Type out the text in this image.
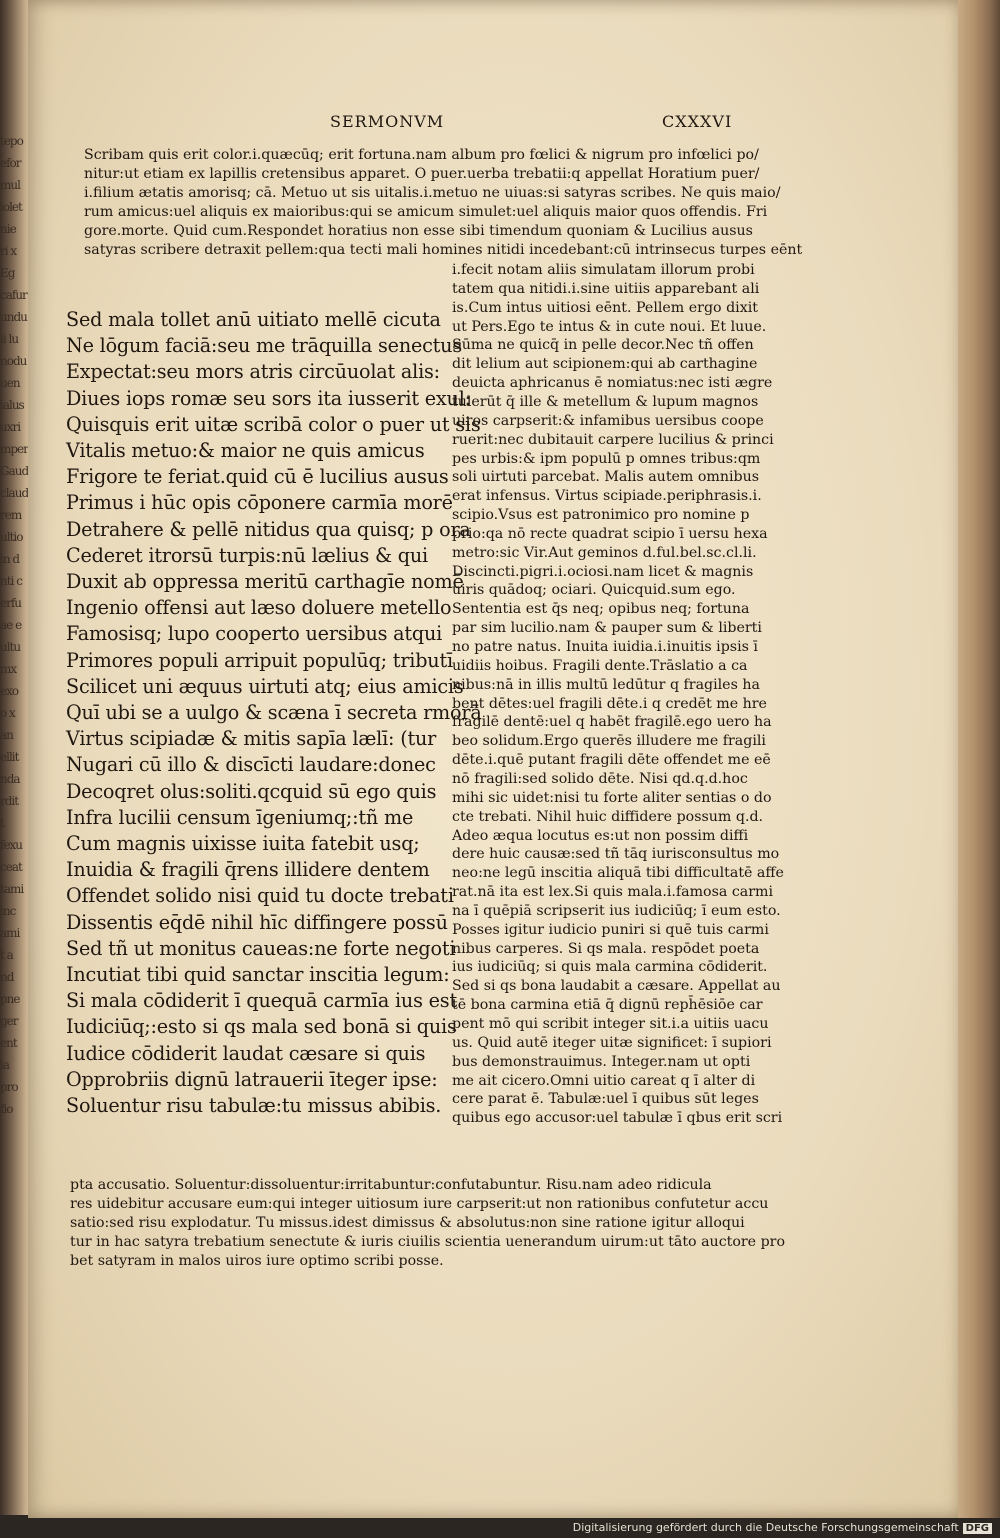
tepo
efor
mul
iolet
nie
ri x
Eg
cafur
undu
ii lu
nodu
uen
ialus
uxri
mper
Gaud
claud
rem
ultio
in d
nti c
erfu
ae e
ultu
mx
exo
o x
an
ellit
nda
rdit
t
fexu
ceat
tami
inc
ami
t a
nd
pne
ger
ent
la
pro
fio
SERMONVM	CXXXVI
Scribam quis erit color.i.quæcūq; erit fortuna.nam album pro fœlici & nigrum pro infœlici po/
nitur:ut etiam ex lapillis cretensibus apparet. O puer.uerba trebatii:q appellat Horatium puer/
i.filium ætatis amorisq; cā. Metuo ut sis uitalis.i.metuo ne uiuas:si satyras scribes. Ne quis maio/
rum amicus:uel aliquis ex maioribus:qui se amicum simulet:uel aliquis maior quos offendis. Fri
gore.morte. Quid cum.Respondet horatius non esse sibi timendum quoniam & Lucilius ausus
satyras scribere detraxit pellem:qua tecti mali homines nitidi incedebant:cū intrinsecus turpes eēnt
Sed mala tollet anū uitiato mellē cicuta
Ne lōgum faciā:seu me trāquilla senectus
Expectat:seu mors atris circūuolat alis:
Diues iops romæ seu sors ita iusserit exul:
Quisquis erit uitæ scribā color o puer ut sis
Vitalis metuo:& maior ne quis amicus
Frigore te feriat.quid cū ē lucilius ausus
Primus i hūc opis cōponere carmīa morē
Detrahere & pellē nitidus qua quisq; p ora
Cederet itrorsū turpis:nū lælius & qui
Duxit ab oppressa meritū carthagīe nomē
Ingenio offensi aut læso doluere metello
Famosisq; lupo cooperto uersibus atqui
Primores populi arripuit populūq; tributī
Scilicet uni æquus uirtuti atq; eius amicis
Quī ubi se a uulgo & scæna ī secreta rmorā
Virtus scipiadæ & mitis sapīa lælī: (tur
Nugari cū illo & discīcti laudare:donec
Decoqret olus:soliti.qcquid sū ego quis
Infra lucilii censum īgeniumq;:tñ me
Cum magnis uixisse iuita fatebit usq;
Inuidia & fragili q̄rens illidere dentem
Offendet solido nisi quid tu docte trebati
Dissentis eq̄dē nihil hīc diffingere possū
Sed tñ ut monitus caueas:ne forte negoti
Incutiat tibi quid sanctar inscitia legum:
Si mala cōdiderit ī quequā carmīa ius est
Iudiciūq;:esto si qs mala sed bonā si quis
Iudice cōdiderit laudat cæsare si quis
Opprobriis dignū latrauerii īteger ipse:
Soluentur risu tabulæ:tu missus abibis.
i.fecit notam aliis simulatam illorum probi
tatem qua nitidi.i.sine uitiis apparebant ali
is.Cum intus uitiosi eēnt. Pellem ergo dixit
ut Pers.Ego te intus & in cute noui. Et luue.
Sūma ne quicq̄ in pelle decor.Nec tñ offen
dit lelium aut scipionem:qui ab carthagine
deuicta aphricanus ē nomiatus:nec isti ægre
tulerūt q̄ ille & metellum & lupum magnos
uiros carpserit:& infamibus uersibus coope
ruerit:nec dubitauit carpere lucilius & princi
pes urbis:& ipm populū p omnes tribus:qm
soli uirtuti parcebat. Malis autem omnibus
erat infensus. Virtus scipiade.periphrasis.i.
scipio.Vsus est patronimico pro nomine p
prio:qa nō recte quadrat scipio ī uersu hexa
metro:sic Vir.Aut geminos d.ful.bel.sc.cl.li.
Discincti.pigri.i.ociosi.nam licet & magnis
uiris quādoq; ociari. Quicquid.sum ego.
Sententia est q̄s neq; opibus neq; fortuna
par sim lucilio.nam & pauper sum & liberti
no patre natus. Inuita iuidia.i.inuitis ipsis ī
uidiis hoibus. Fragili dente.Trāslatio a ca
nibus:nā in illis multū ledūtur q fragiles ha
bent dētes:uel fragili dēte.i q credēt me hre
fragilē dentē:uel q habēt fragilē.ego uero ha
beo solidum.Ergo querēs illudere me fragili
dēte.i.quē putant fragili dēte offendet me eē
nō fragili:sed solido dēte. Nisi qd.q.d.hoc
mihi sic uidet:nisi tu forte aliter sentias o do
cte trebati. Nihil huic diffidere possum q.d.
Adeo æqua locutus es:ut non possim diffi
dere huic causæ:sed tñ tāq iurisconsultus mo
neo:ne legū inscitia aliquā tibi difficultatē affe
rat.nā ita est lex.Si quis mala.i.famosa carmi
na ī quēpiā scripserit ius iudiciūq; ī eum esto.
Posses igitur iudicio puniri si quē tuis carmi
nibus carperes. Si qs mala. respōdet poeta
ius iudiciūq; si quis mala carmina cōdiderit.
Sed si qs bona laudabit a cæsare. Appellat au
tē bona carmina etiā q̄ dignū reph̄ēsiōe car
pent mō qui scribit integer sit.i.a uitiis uacu
us. Quid autē iteger uitæ significet: ī supiori
bus demonstrauimus. Integer.nam ut opti
me ait cicero.Omni uitio careat q ī alter di
cere parat ē. Tabulæ:uel ī quibus sūt leges
quibus ego accusor:uel tabulæ ī qbus erit scri
pta accusatio. Soluentur:dissoluentur:irritabuntur:confutabuntur. Risu.nam adeo ridicula
res uidebitur accusare eum:qui integer uitiosum iure carpserit:ut non rationibus confutetur accu
satio:sed risu explodatur. Tu missus.idest dimissus & absolutus:non sine ratione igitur alloqui
tur in hac satyra trebatium senectute & iuris ciuilis scientia uenerandum uirum:ut tāto auctore pro
bet satyram in malos uiros iure optimo scribi posse.
Digitalisierung gefördert durch die Deutsche Forschungsgemeinschaft DFG
